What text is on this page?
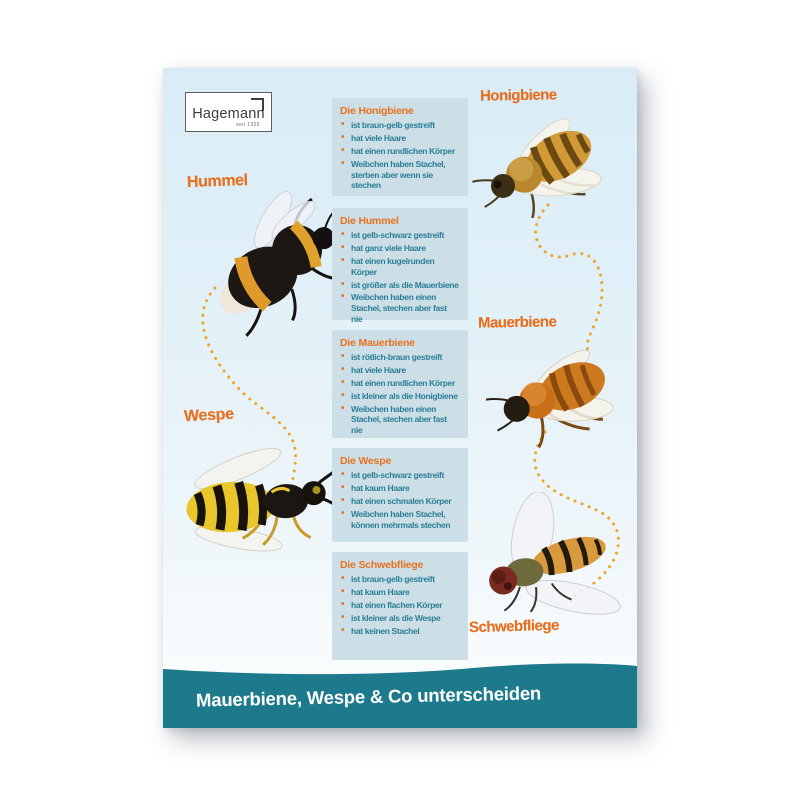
Hagemann
seit 1925
Honigbiene
Hummel
Mauerbiene
Wespe
Schwebfliege
Die Honigbiene
• ist braun-gelb gestreift
• hat viele Haare
• hat einen rundlichen Körper
• Weibchen haben Stachel, sterben aber wenn sie stechen
Die Hummel
• ist gelb-schwarz gestreift
• hat ganz viele Haare
• hat einen kugelrunden Körper
• ist größer als die Mauerbiene
• Weibchen haben einen Stachel, stechen aber fast nie
Die Mauerbiene
• ist rötlich-braun gestreift
• hat viele Haare
• hat einen rundlichen Körper
• ist kleiner als die Honigbiene
• Weibchen haben einen Stachel, stechen aber fast nie
Die Wespe
• ist gelb-schwarz gestreift
• hat kaum Haare
• hat einen schmalen Körper
• Weibchen haben Stachel, können mehrmals stechen
Die Schwebfliege
• ist braun-gelb gestreift
• hat kaum Haare
• hat einen flachen Körper
• ist kleiner als die Wespe
• hat keinen Stachel
Mauerbiene, Wespe & Co unterscheiden
